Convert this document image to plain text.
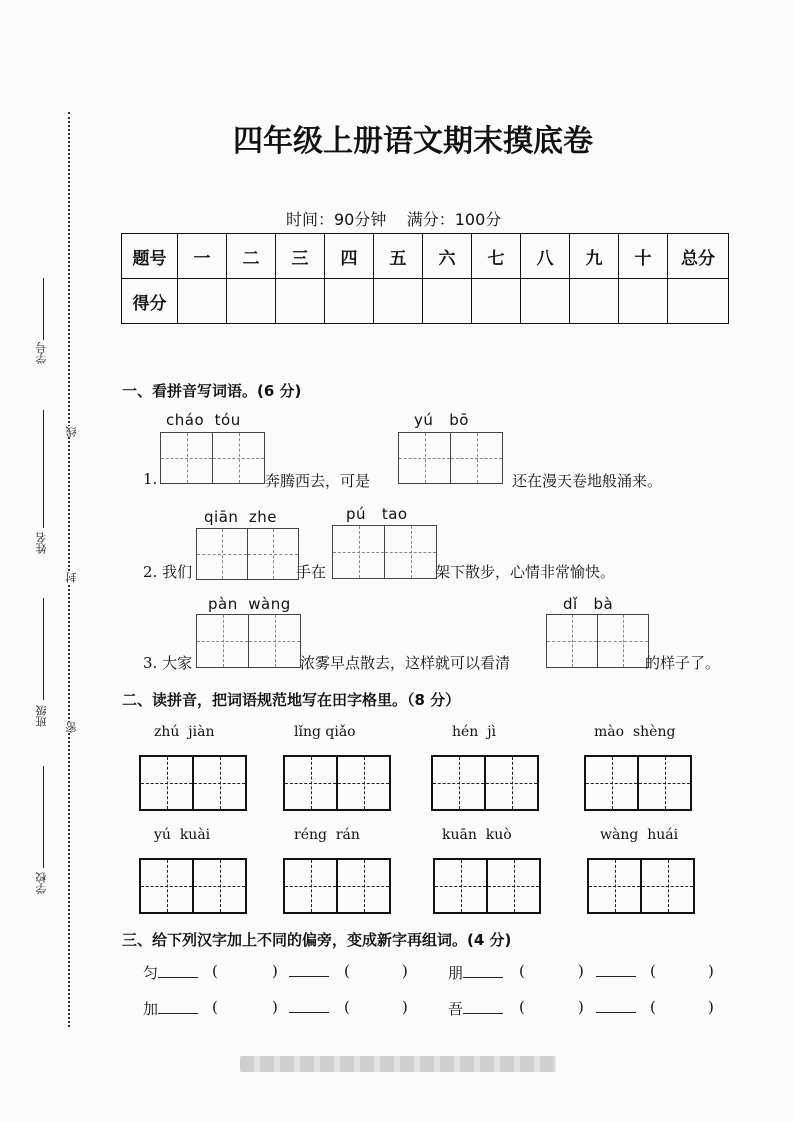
学号
姓名
班级
学校
线
封
密
四年级上册语文期末摸底卷
时间：90分钟    满分：100分
题号	一	二	三	四	五	六	七	八	九	十	总分
得分											
一、看拼音写词语。(6 分)
cháo  tóu
1.	奔腾西去，可是
yú   bō
还在漫天卷地般涌来。
qiān  zhe
2. 我们	手在
pú   tao
架下散步，心情非常愉快。
pàn  wàng
3. 大家	浓雾早点散去，这样就可以看清
dǐ   bà
的样子了。
二、读拼音，把词语规范地写在田字格里。（8 分）
zhú  jiàn	lǐng qiǎo	hén  jì	mào  shèng
yú  kuài	réng  rán	kuān  kuò	wàng  huái
三、给下列汉字加上不同的偏旁，变成新字再组词。(4 分)
匀	(	)	(	)	朋	(	)	(	)
加	(	)	(	)	吾	(	)	(	)
